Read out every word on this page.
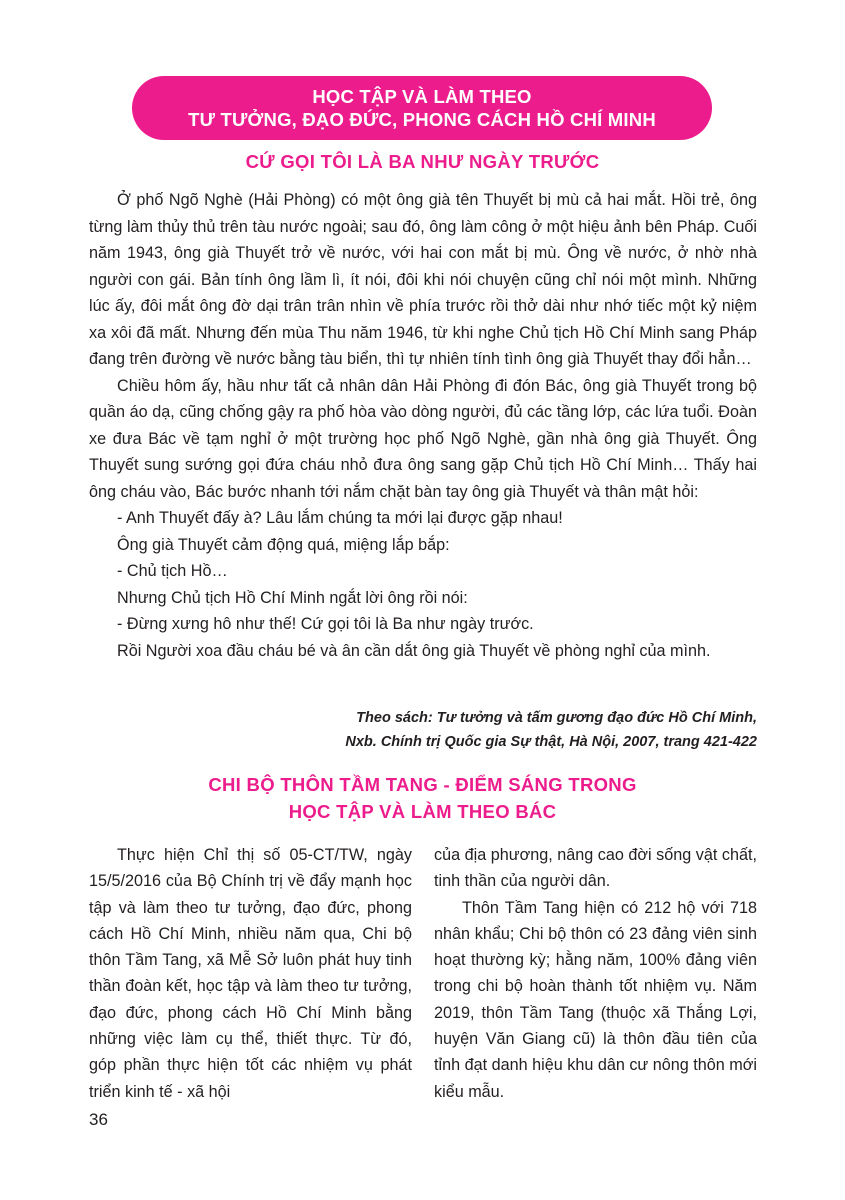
HỌC TẬP VÀ LÀM THEO
TƯ TƯỞNG, ĐẠO ĐỨC, PHONG CÁCH HỒ CHÍ MINH
CỨ GỌI TÔI LÀ BA NHƯ NGÀY TRƯỚC

Ở phố Ngõ Nghè (Hải Phòng) có một ông già tên Thuyết bị mù cả hai mắt. Hồi trẻ, ông từng làm thủy thủ trên tàu nước ngoài; sau đó, ông làm công ở một hiệu ảnh bên Pháp. Cuối năm 1943, ông già Thuyết trở về nước, với hai con mắt bị mù. Ông về nước, ở nhờ nhà người con gái. Bản tính ông lầm lì, ít nói, đôi khi nói chuyện cũng chỉ nói một mình. Những lúc ấy, đôi mắt ông đờ dại trân trân nhìn về phía trước rồi thở dài như nhớ tiếc một kỷ niệm xa xôi đã mất. Nhưng đến mùa Thu năm 1946, từ khi nghe Chủ tịch Hồ Chí Minh sang Pháp đang trên đường về nước bằng tàu biển, thì tự nhiên tính tình ông già Thuyết thay đổi hẳn…

Chiều hôm ấy, hầu như tất cả nhân dân Hải Phòng đi đón Bác, ông già Thuyết trong bộ quần áo dạ, cũng chống gậy ra phố hòa vào dòng người, đủ các tầng lớp, các lứa tuổi. Đoàn xe đưa Bác về tạm nghỉ ở một trường học phố Ngõ Nghè, gần nhà ông già Thuyết. Ông Thuyết sung sướng gọi đứa cháu nhỏ đưa ông sang gặp Chủ tịch Hồ Chí Minh… Thấy hai ông cháu vào, Bác bước nhanh tới nắm chặt bàn tay ông già Thuyết và thân mật hỏi:

- Anh Thuyết đấy à? Lâu lắm chúng ta mới lại được gặp nhau!

Ông già Thuyết cảm động quá, miệng lắp bắp:

- Chủ tịch Hồ…

Nhưng Chủ tịch Hồ Chí Minh ngắt lời ông rồi nói:

- Đừng xưng hô như thế! Cứ gọi tôi là Ba như ngày trước.

Rồi Người xoa đầu cháu bé và ân cần dắt ông già Thuyết về phòng nghỉ của mình.

Theo sách: Tư tưởng và tấm gương đạo đức Hồ Chí Minh,
Nxb. Chính trị Quốc gia Sự thật, Hà Nội, 2007, trang 421-422
CHI BỘ THÔN TẦM TANG - ĐIỂM SÁNG TRONG
HỌC TẬP VÀ LÀM THEO BÁC

Thực hiện Chỉ thị số 05-CT/TW, ngày 15/5/2016 của Bộ Chính trị về đẩy mạnh học tập và làm theo tư tưởng, đạo đức, phong cách Hồ Chí Minh, nhiều năm qua, Chi bộ thôn Tầm Tang, xã Mễ Sở luôn phát huy tinh thần đoàn kết, học tập và làm theo tư tưởng, đạo đức, phong cách Hồ Chí Minh bằng những việc làm cụ thể, thiết thực. Từ đó, góp phần thực hiện tốt các nhiệm vụ phát triển kinh tế - xã hội

của địa phương, nâng cao đời sống vật chất, tinh thần của người dân.

Thôn Tầm Tang hiện có 212 hộ với 718 nhân khẩu; Chi bộ thôn có 23 đảng viên sinh hoạt thường kỳ; hằng năm, 100% đảng viên trong chi bộ hoàn thành tốt nhiệm vụ. Năm 2019, thôn Tầm Tang (thuộc xã Thắng Lợi, huyện Văn Giang cũ) là thôn đầu tiên của tỉnh đạt danh hiệu khu dân cư nông thôn mới kiểu mẫu.

36
